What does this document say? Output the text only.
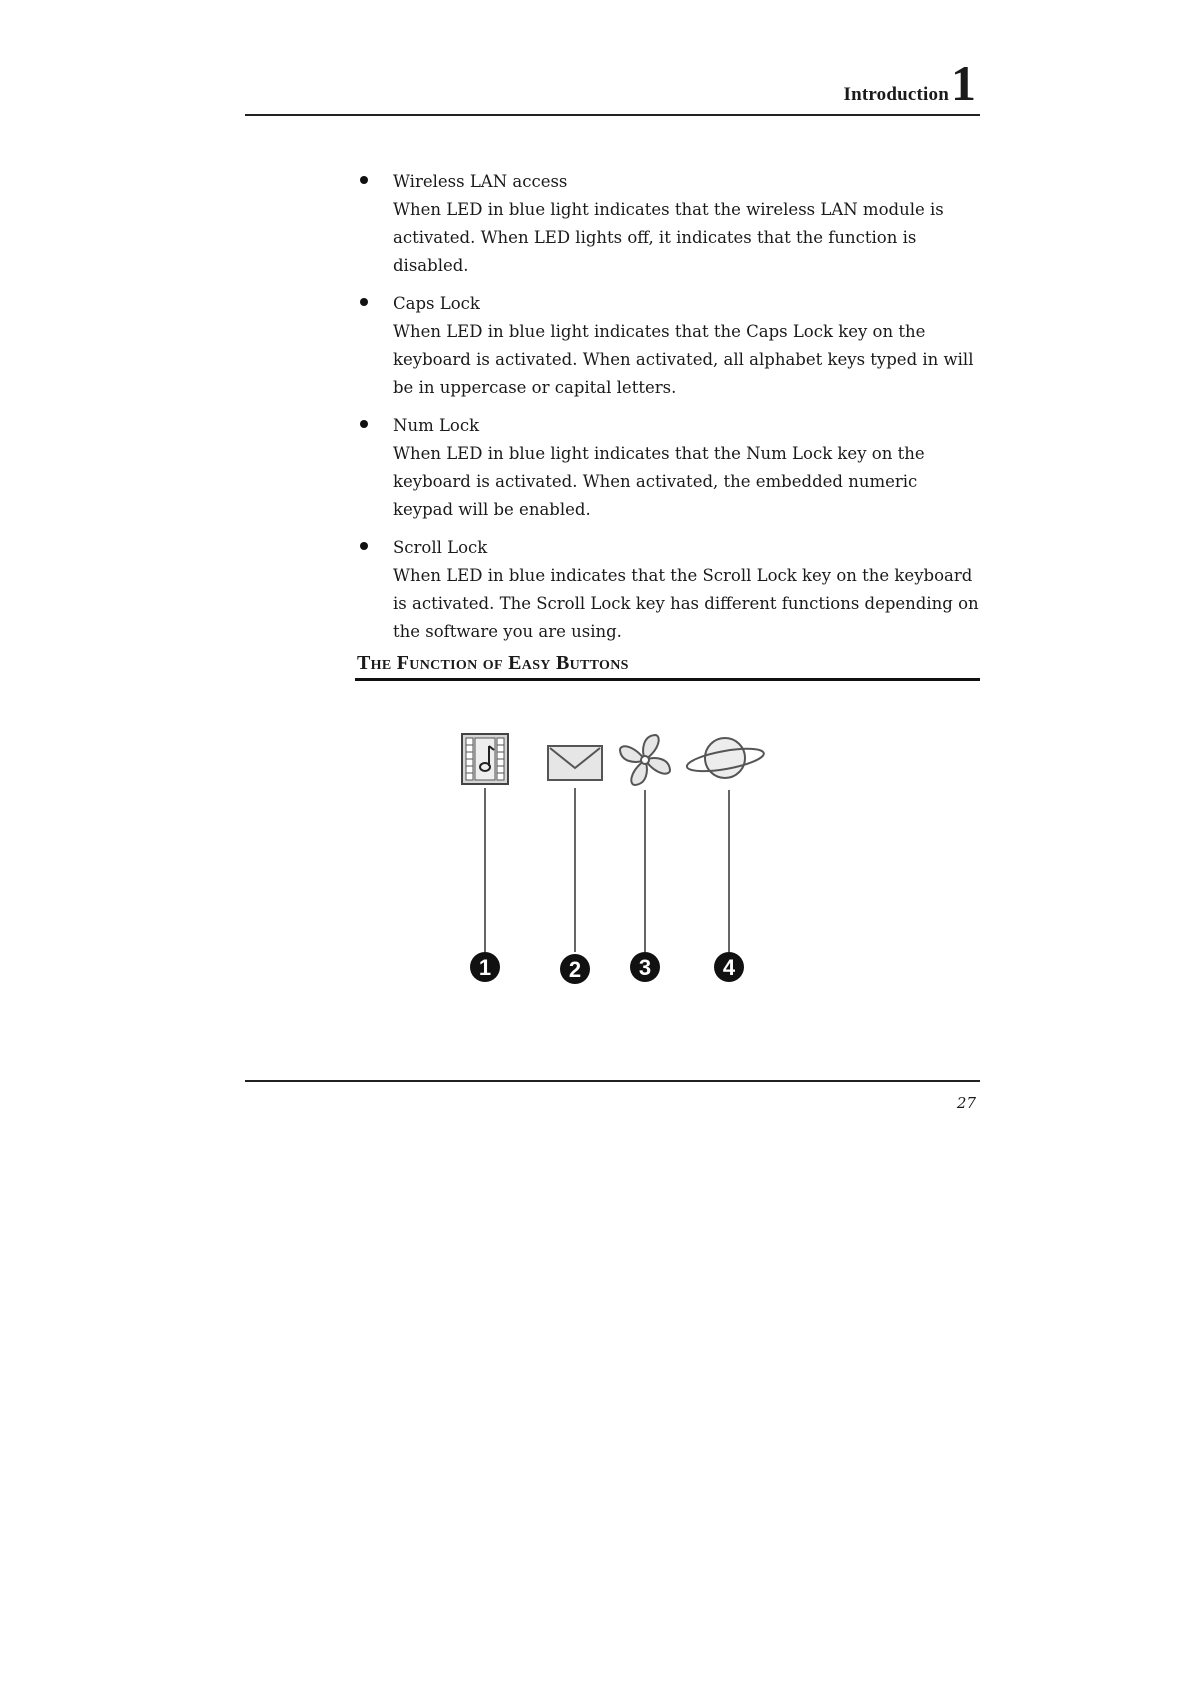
Introduction 1
Wireless LAN access
When LED in blue light indicates that the wireless LAN module is activated. When LED lights off, it indicates that the function is disabled.
Caps Lock
When LED in blue light indicates that the Caps Lock key on the keyboard is activated. When activated, all alphabet keys typed in will be in uppercase or capital letters.
Num Lock
When LED in blue light indicates that the Num Lock key on the keyboard is activated. When activated, the embedded numeric keypad will be enabled.
Scroll Lock
When LED in blue indicates that the Scroll Lock key on the keyboard is activated. The Scroll Lock key has different functions depending on the software you are using.
The Function of Easy Buttons
1	2	3	4
27
